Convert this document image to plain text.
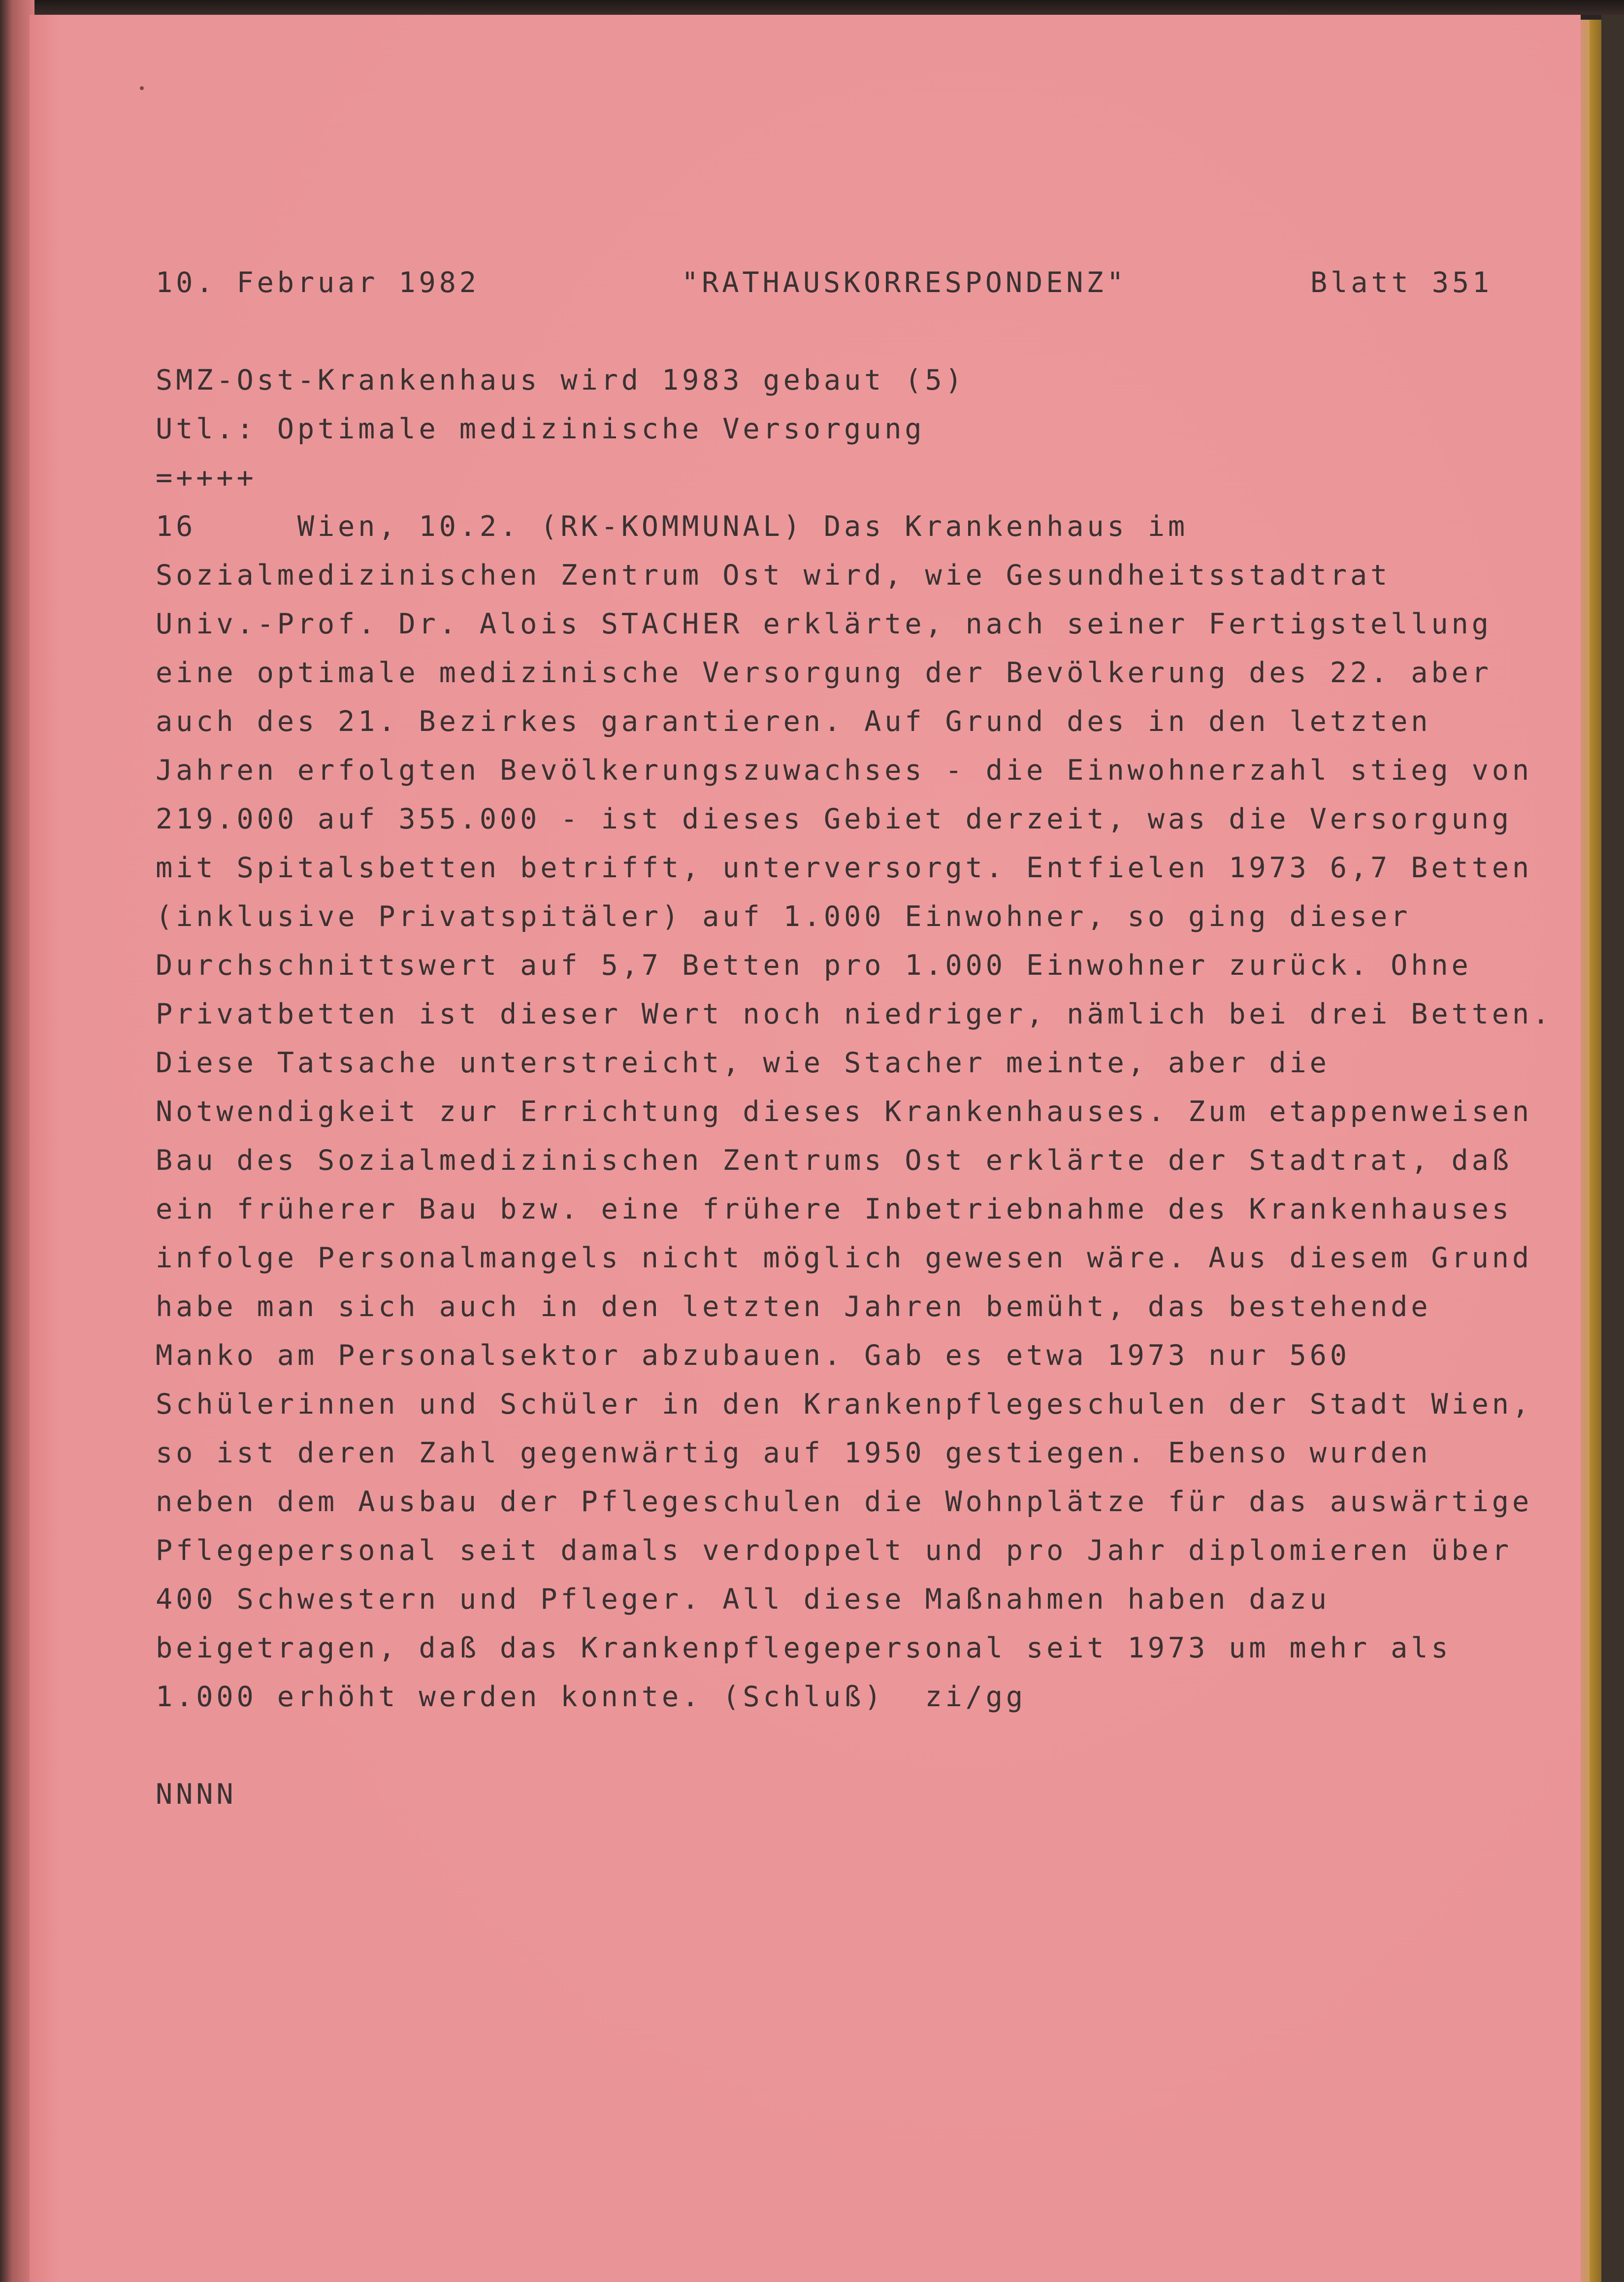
10. Februar 1982	"RATHAUSKORRESPONDENZ"	Blatt 351
SMZ-Ost-Krankenhaus wird 1983 gebaut (5)
Utl.: Optimale medizinische Versorgung
=++++
16     Wien, 10.2. (RK-KOMMUNAL) Das Krankenhaus im
Sozialmedizinischen Zentrum Ost wird, wie Gesundheitsstadtrat
Univ.-Prof. Dr. Alois STACHER erklärte, nach seiner Fertigstellung
eine optimale medizinische Versorgung der Bevölkerung des 22. aber
auch des 21. Bezirkes garantieren. Auf Grund des in den letzten
Jahren erfolgten Bevölkerungszuwachses - die Einwohnerzahl stieg von
219.000 auf 355.000 - ist dieses Gebiet derzeit, was die Versorgung
mit Spitalsbetten betrifft, unterversorgt. Entfielen 1973 6,7 Betten
(inklusive Privatspitäler) auf 1.000 Einwohner, so ging dieser
Durchschnittswert auf 5,7 Betten pro 1.000 Einwohner zurück. Ohne
Privatbetten ist dieser Wert noch niedriger, nämlich bei drei Betten.
Diese Tatsache unterstreicht, wie Stacher meinte, aber die
Notwendigkeit zur Errichtung dieses Krankenhauses. Zum etappenweisen
Bau des Sozialmedizinischen Zentrums Ost erklärte der Stadtrat, daß
ein früherer Bau bzw. eine frühere Inbetriebnahme des Krankenhauses
infolge Personalmangels nicht möglich gewesen wäre. Aus diesem Grund
habe man sich auch in den letzten Jahren bemüht, das bestehende
Manko am Personalsektor abzubauen. Gab es etwa 1973 nur 560
Schülerinnen und Schüler in den Krankenpflegeschulen der Stadt Wien,
so ist deren Zahl gegenwärtig auf 1950 gestiegen. Ebenso wurden
neben dem Ausbau der Pflegeschulen die Wohnplätze für das auswärtige
Pflegepersonal seit damals verdoppelt und pro Jahr diplomieren über
400 Schwestern und Pfleger. All diese Maßnahmen haben dazu
beigetragen, daß das Krankenpflegepersonal seit 1973 um mehr als
1.000 erhöht werden konnte. (Schluß)  zi/gg
NNNN
